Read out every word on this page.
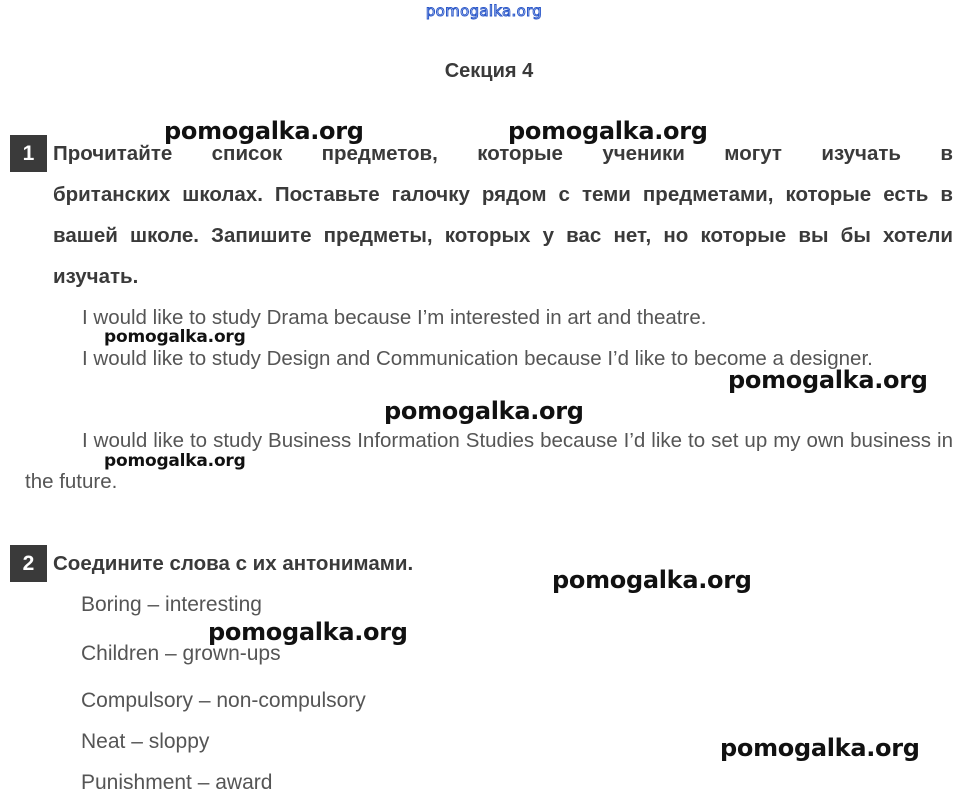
pomogalka.org
Секция 4
1 Прочитайте список предметов, которые ученики могут изучать в
британских школах. Поставьте галочку рядом с теми предметами, которые есть в вашей школе. Запишите предметы, которых у вас нет, но которые вы бы хотели изучать.
I would like to study Drama because I’m interested in art and theatre.
I would like to study Design and Communication because I’d like to become a designer.
I would like to study Business Information Studies because I’d like to set up my own business in the future.
2 Соедините слова с их антонимами.
Boring – interesting
Children – grown-ups
Compulsory – non-compulsory
Neat – sloppy
Punishment – award
pomogalka.org	pomogalka.org
pomogalka.org
pomogalka.org
pomogalka.org
pomogalka.org
pomogalka.org
pomogalka.org
pomogalka.org
